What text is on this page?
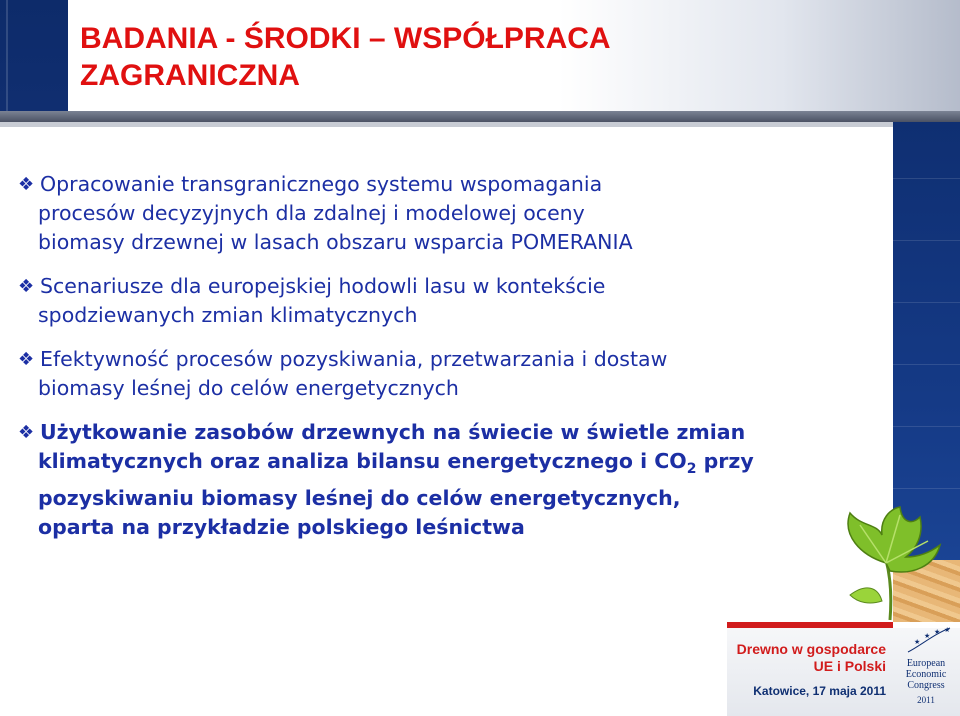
BADANIA - ŚRODKI – WSPÓŁPRACA
ZAGRANICZNA
❖ Opracowanie transgranicznego systemu wspomagania
procesów decyzyjnych dla zdalnej i modelowej oceny
biomasy drzewnej w lasach obszaru wsparcia POMERANIA
❖ Scenariusze dla europejskiej hodowli lasu w kontekście
spodziewanych zmian klimatycznych
❖ Efektywność procesów pozyskiwania, przetwarzania i dostaw
biomasy leśnej do celów energetycznych
❖ Użytkowanie zasobów drzewnych na świecie w świetle zmian
klimatycznych oraz analiza bilansu energetycznego i $CO_2$ przy
pozyskiwaniu biomasy leśnej do celów energetycznych,
oparta na przykładzie polskiego leśnictwa
Drewno w gospodarce
UE i Polski
Katowice, 17 maja 2011
★
★ ★ ★
European
Economic
Congress
2011
